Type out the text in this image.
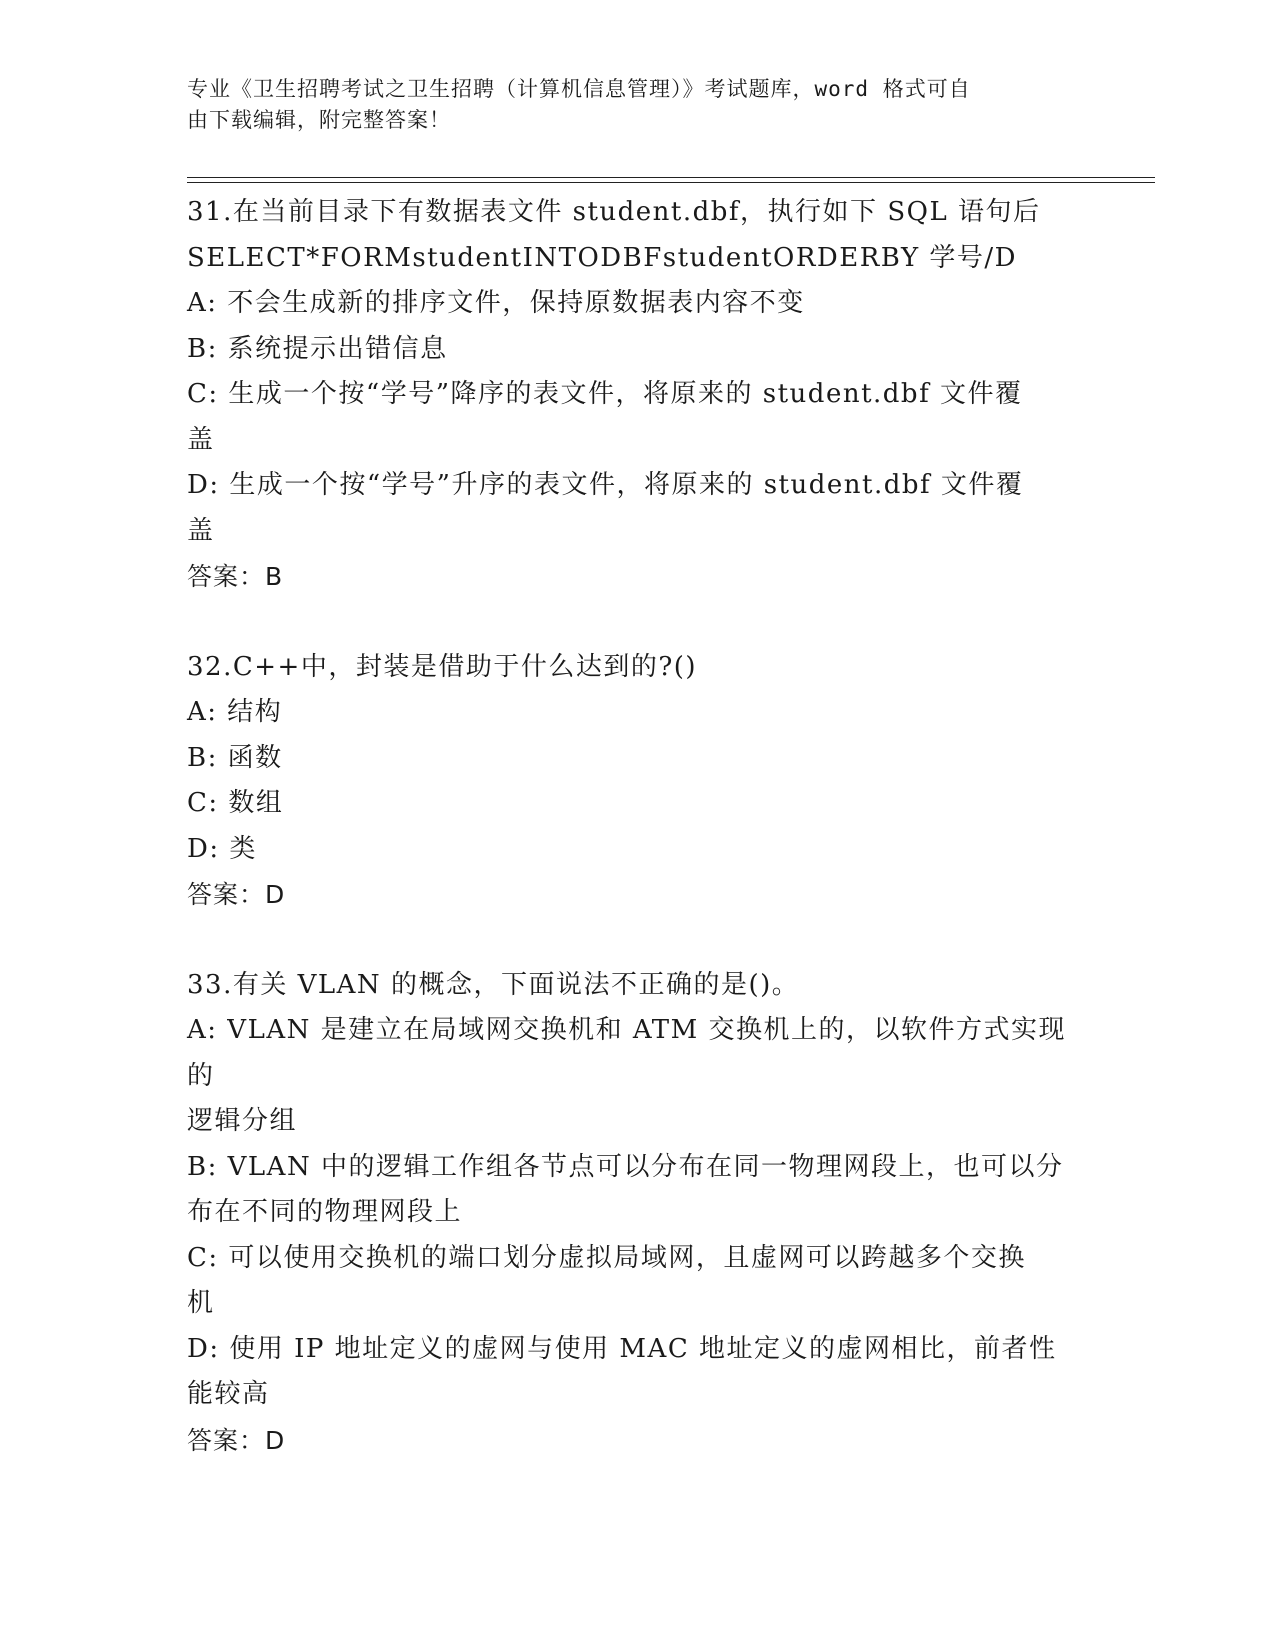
专业《卫生招聘考试之卫生招聘（计算机信息管理）》考试题库，word 格式可自

由下载编辑，附完整答案！

31.在当前目录下有数据表文件 student.dbf，执行如下 SQL 语句后

SELECT*FORMstudentINTODBFstudentORDERBY 学号/D

A: 不会生成新的排序文件，保持原数据表内容不变

B: 系统提示出错信息

C: 生成一个按“学号”降序的表文件，将原来的 student.dbf 文件覆

盖

D: 生成一个按“学号”升序的表文件，将原来的 student.dbf 文件覆

盖

答案：B

32.C++中，封装是借助于什么达到的?()

A: 结构

B: 函数

C: 数组

D: 类

答案：D

33.有关 VLAN 的概念，下面说法不正确的是()。

A: VLAN 是建立在局域网交换机和 ATM 交换机上的，以软件方式实现的

逻辑分组

B: VLAN 中的逻辑工作组各节点可以分布在同一物理网段上，也可以分

布在不同的物理网段上

C: 可以使用交换机的端口划分虚拟局域网，且虚网可以跨越多个交换

机

D: 使用 IP 地址定义的虚网与使用 MAC 地址定义的虚网相比，前者性

能较高

答案：D
